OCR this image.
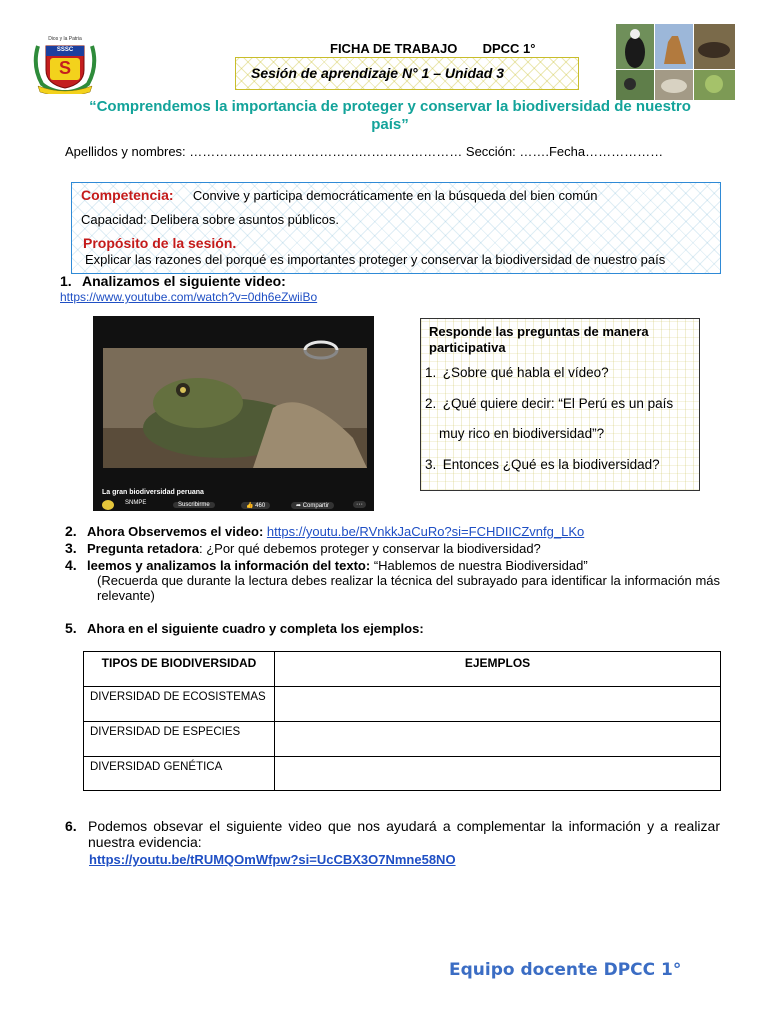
Dios y la Patria
SSSC
S
FICHA DE TRABAJO DPCC 1°
Sesión de aprendizaje N° 1 – Unidad 3
“Comprendemos la importancia de proteger y conservar la biodiversidad de nuestro país”
Apellidos y nombres: ……………………………………………………… Sección: …….Fecha………………
Competencia: Convive y participa democráticamente en la búsqueda del bien común
Capacidad: Delibera sobre asuntos públicos.
Propósito de la sesión.
Explicar las razones del porqué es importantes proteger y conservar la biodiversidad de nuestro país
1. Analizamos el siguiente video:
https://www.youtube.com/watch?v=0dh6eZwiiBo
La gran biodiversidad peruana
SNMPE	Suscribirme	👍 460	➦ Compartir	···
Responde las preguntas de manera participativa
1. ¿Sobre qué habla el vídeo?
2. ¿Qué quiere decir: “El Perú es un país
muy rico en biodiversidad”?
3. Entonces ¿Qué es la biodiversidad?
2. Ahora Observemos el video: https://youtu.be/RVnkkJaCuRo?si=FCHDIICZvnfg_LKo
3. Pregunta retadora: ¿Por qué debemos proteger y conservar la biodiversidad?
4. leemos y analizamos la información del texto: “Hablemos de nuestra Biodiversidad”
(Recuerda que durante la lectura debes realizar la técnica del subrayado para identificar la información más relevante)
5. Ahora en el siguiente cuadro y completa los ejemplos:
TIPOS DE BIODIVERSIDAD	EJEMPLOS
DIVERSIDAD DE ECOSISTEMAS	
DIVERSIDAD DE ESPECIES	
DIVERSIDAD GENÉTICA	
6. Podemos obsevar el siguiente video que nos ayudará a complementar la información y a realizar nuestra evidencia:
https://youtu.be/tRUMQOmWfpw?si=UcCBX3O7Nmne58NO
Equipo docente DPCC 1°
